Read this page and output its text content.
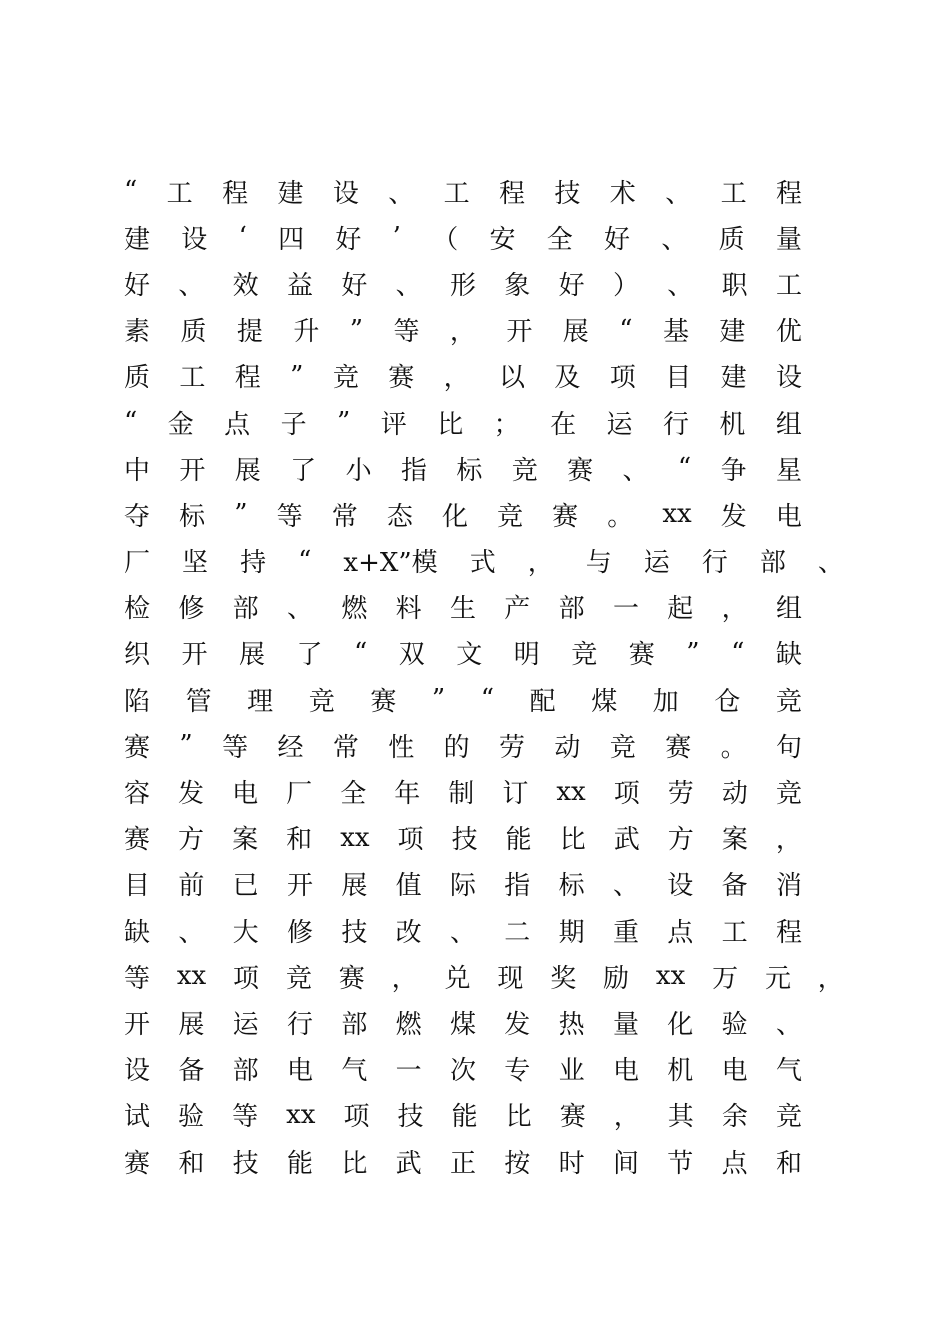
“ 工 程 建 设 、 工 程 技 术 、 工 程
建 设 ‘ 四 好 ’ （ 安 全 好 、 质 量
好 、 效 益 好 、 形 象 好 ） 、 职 工
素 质 提 升 ” 等 ， 开 展 “ 基 建 优
质 工 程 ” 竞 赛 ， 以 及 项 目 建 设
“ 金 点 子 ” 评 比 ； 在 运 行 机 组
中 开 展 了 小 指 标 竞 赛 、 “ 争 星
夺 标 ” 等 常 态 化 竞 赛 。 xx 发 电
厂 坚 持 “ x+X”模 式 ， 与 运 行 部 、
检 修 部 、 燃 料 生 产 部 一 起 ， 组
织 开 展 了 “ 双 文 明 竞 赛 ” “ 缺
陷 管 理 竞 赛 ” “ 配 煤 加 仓 竞
赛 ” 等 经 常 性 的 劳 动 竞 赛 。 句
容 发 电 厂 全 年 制 订 xx 项 劳 动 竞
赛 方 案 和 xx 项 技 能 比 武 方 案 ，
目 前 已 开 展 值 际 指 标 、 设 备 消
缺 、 大 修 技 改 、 二 期 重 点 工 程
等 xx 项 竞 赛 ， 兑 现 奖 励 xx 万 元 ，
开 展 运 行 部 燃 煤 发 热 量 化 验 、
设 备 部 电 气 一 次 专 业 电 机 电 气
试 验 等 xx 项 技 能 比 赛 ， 其 余 竞
赛 和 技 能 比 武 正 按 时 间 节 点 和
